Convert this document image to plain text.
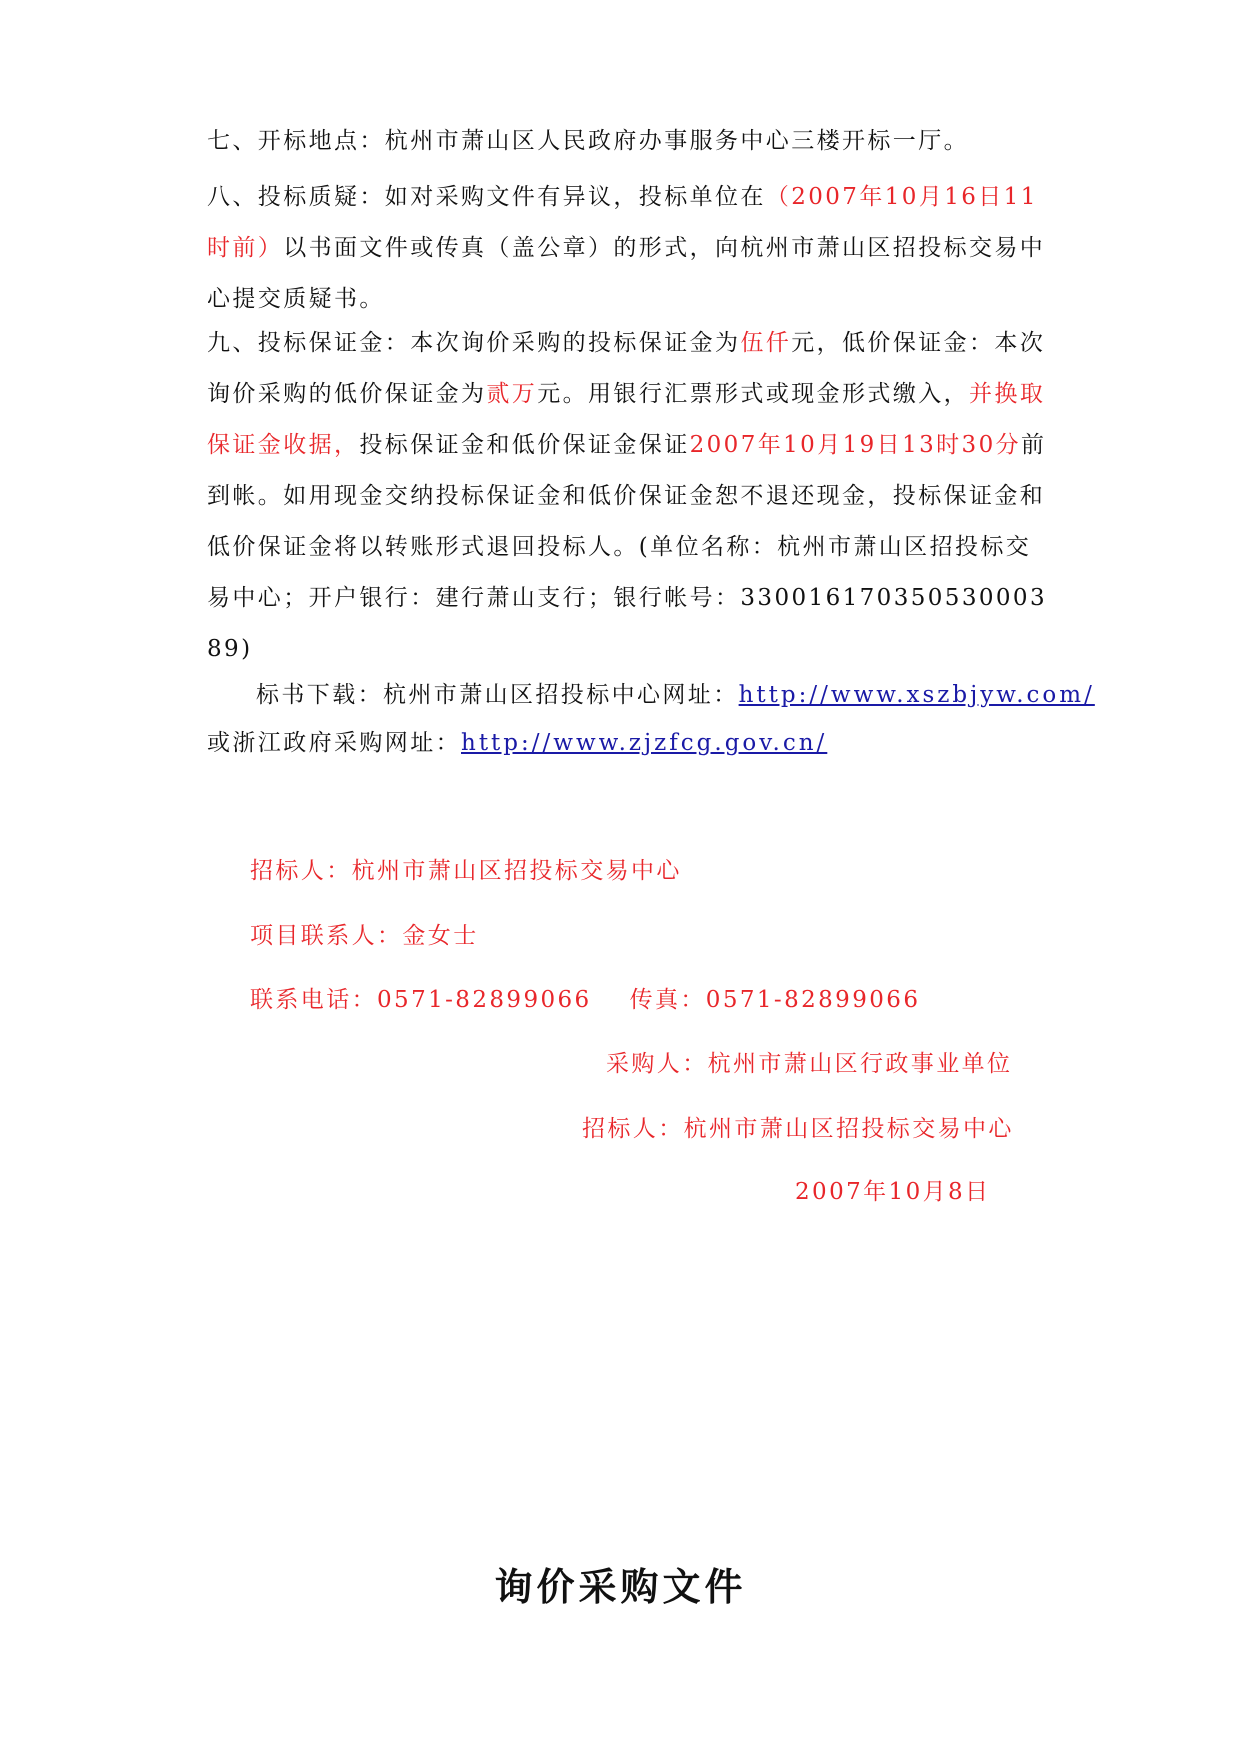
七、开标地点：杭州市萧山区人民政府办事服务中心三楼开标一厅。

八、投标质疑：如对采购文件有异议，投标单位在（2007年10月16日11时前）以书面文件或传真（盖公章）的形式，向杭州市萧山区招投标交易中心提交质疑书。

九、投标保证金：本次询价采购的投标保证金为伍仟元，低价保证金：本次询价采购的低价保证金为贰万元。用银行汇票形式或现金形式缴入，并换取保证金收据，投标保证金和低价保证金保证2007年10月19日13时30分前到帐。如用现金交纳投标保证金和低价保证金恕不退还现金，投标保证金和低价保证金将以转账形式退回投标人。(单位名称：杭州市萧山区招投标交易中心；开户银行：建行萧山支行；银行帐号：330016170350530003 89)

标书下载：杭州市萧山区招投标中心网址：http://www.xszbjyw.com/

或浙江政府采购网址：http://www.zjzfcg.gov.cn/

招标人：杭州市萧山区招投标交易中心

项目联系人：金女士

联系电话：0571-82899066 传真：0571-82899066

采购人：杭州市萧山区行政事业单位

招标人：杭州市萧山区招投标交易中心

2007年10月8日

询价采购文件
